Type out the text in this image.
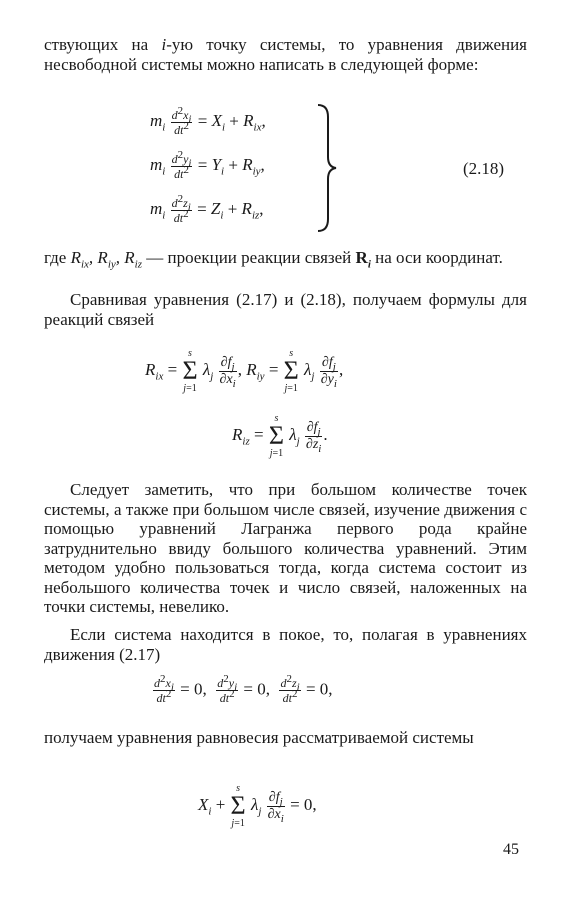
ствующих на i-ую точку системы, то уравнения движения несвободной системы можно написать в следующей форме:

$m_i \frac{d^2x_i}{dt^2} = X_i + R_{ix}$,
$m_i \frac{d^2y_i}{dt^2} = Y_i + R_{iy}$,
$m_i \frac{d^2z_i}{dt^2} = Z_i + R_{iz}$,
(2.18)

где $R_{ix}$, $R_{iy}$, $R_{iz}$ — проекции реакции связей $R_i$ на оси координат.

Сравнивая уравнения (2.17) и (2.18), получаем формулы для реакций связей

$R_{ix}$ =
s
Σ
j=1
$\lambda_j \frac{\partial f_j}{\partial x_i}$ , $R_{iy}$ =
s
Σ
j=1
$\lambda_j \frac{\partial f_j}{\partial y_i}$ ,
$R_{iz}$ =
s
Σ
j=1
$\lambda_j \frac{\partial f_j}{\partial z_i}$ .

Следует заметить, что при большом количестве точек системы, а также при большом числе связей, изучение движения с помощью уравнений Лагранжа первого рода крайне затруднительно ввиду большого количества уравнений. Этим методом удобно пользоваться тогда, когда система состоит из небольшого количества точек и число связей, наложенных на точки системы, невелико.

Если система находится в покое, то, полагая в уравнениях движения (2.17)

$\frac{d^2x_i}{dt^2} = 0$, $\frac{d^2y_i}{dt^2} = 0$, $\frac{d^2z_i}{dt^2} = 0$,

получаем уравнения равновесия рассматриваемой системы

$X_i$ +
s
Σ
j=1
$\lambda_j \frac{\partial f_j}{\partial x_i} = 0$,
45
